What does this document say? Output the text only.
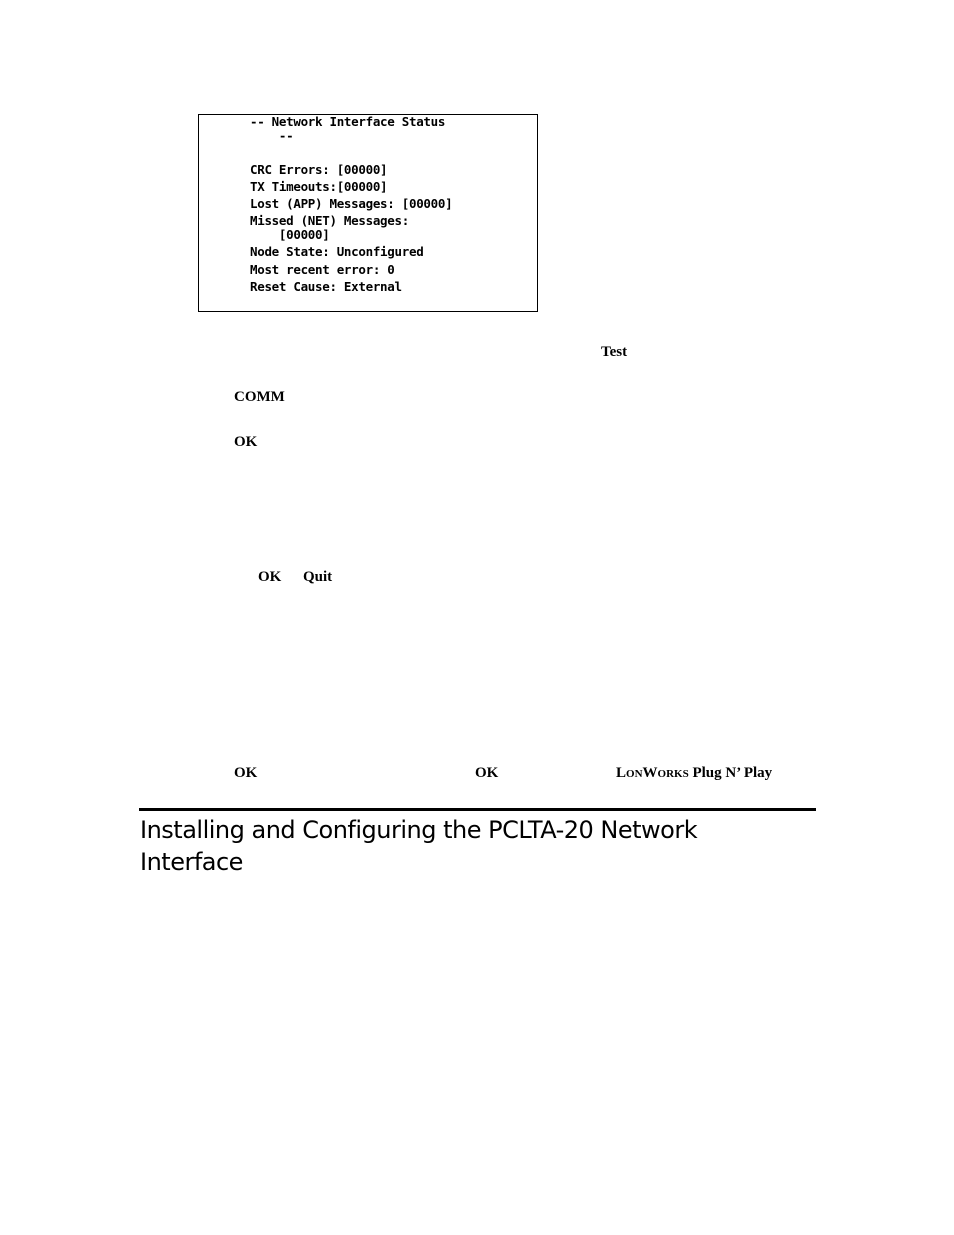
-- Network Interface Status
--
CRC Errors: [00000]
TX Timeouts:[00000]
Lost (APP) Messages: [00000]
Missed (NET) Messages:
[00000]
Node State: Unconfigured
Most recent error: 0
Reset Cause: External
Test
COMM
OK
OK Quit
OK	OK	LONWORKS Plug N’ Play
Installing and Configuring the PCLTA-20 Network Interface
